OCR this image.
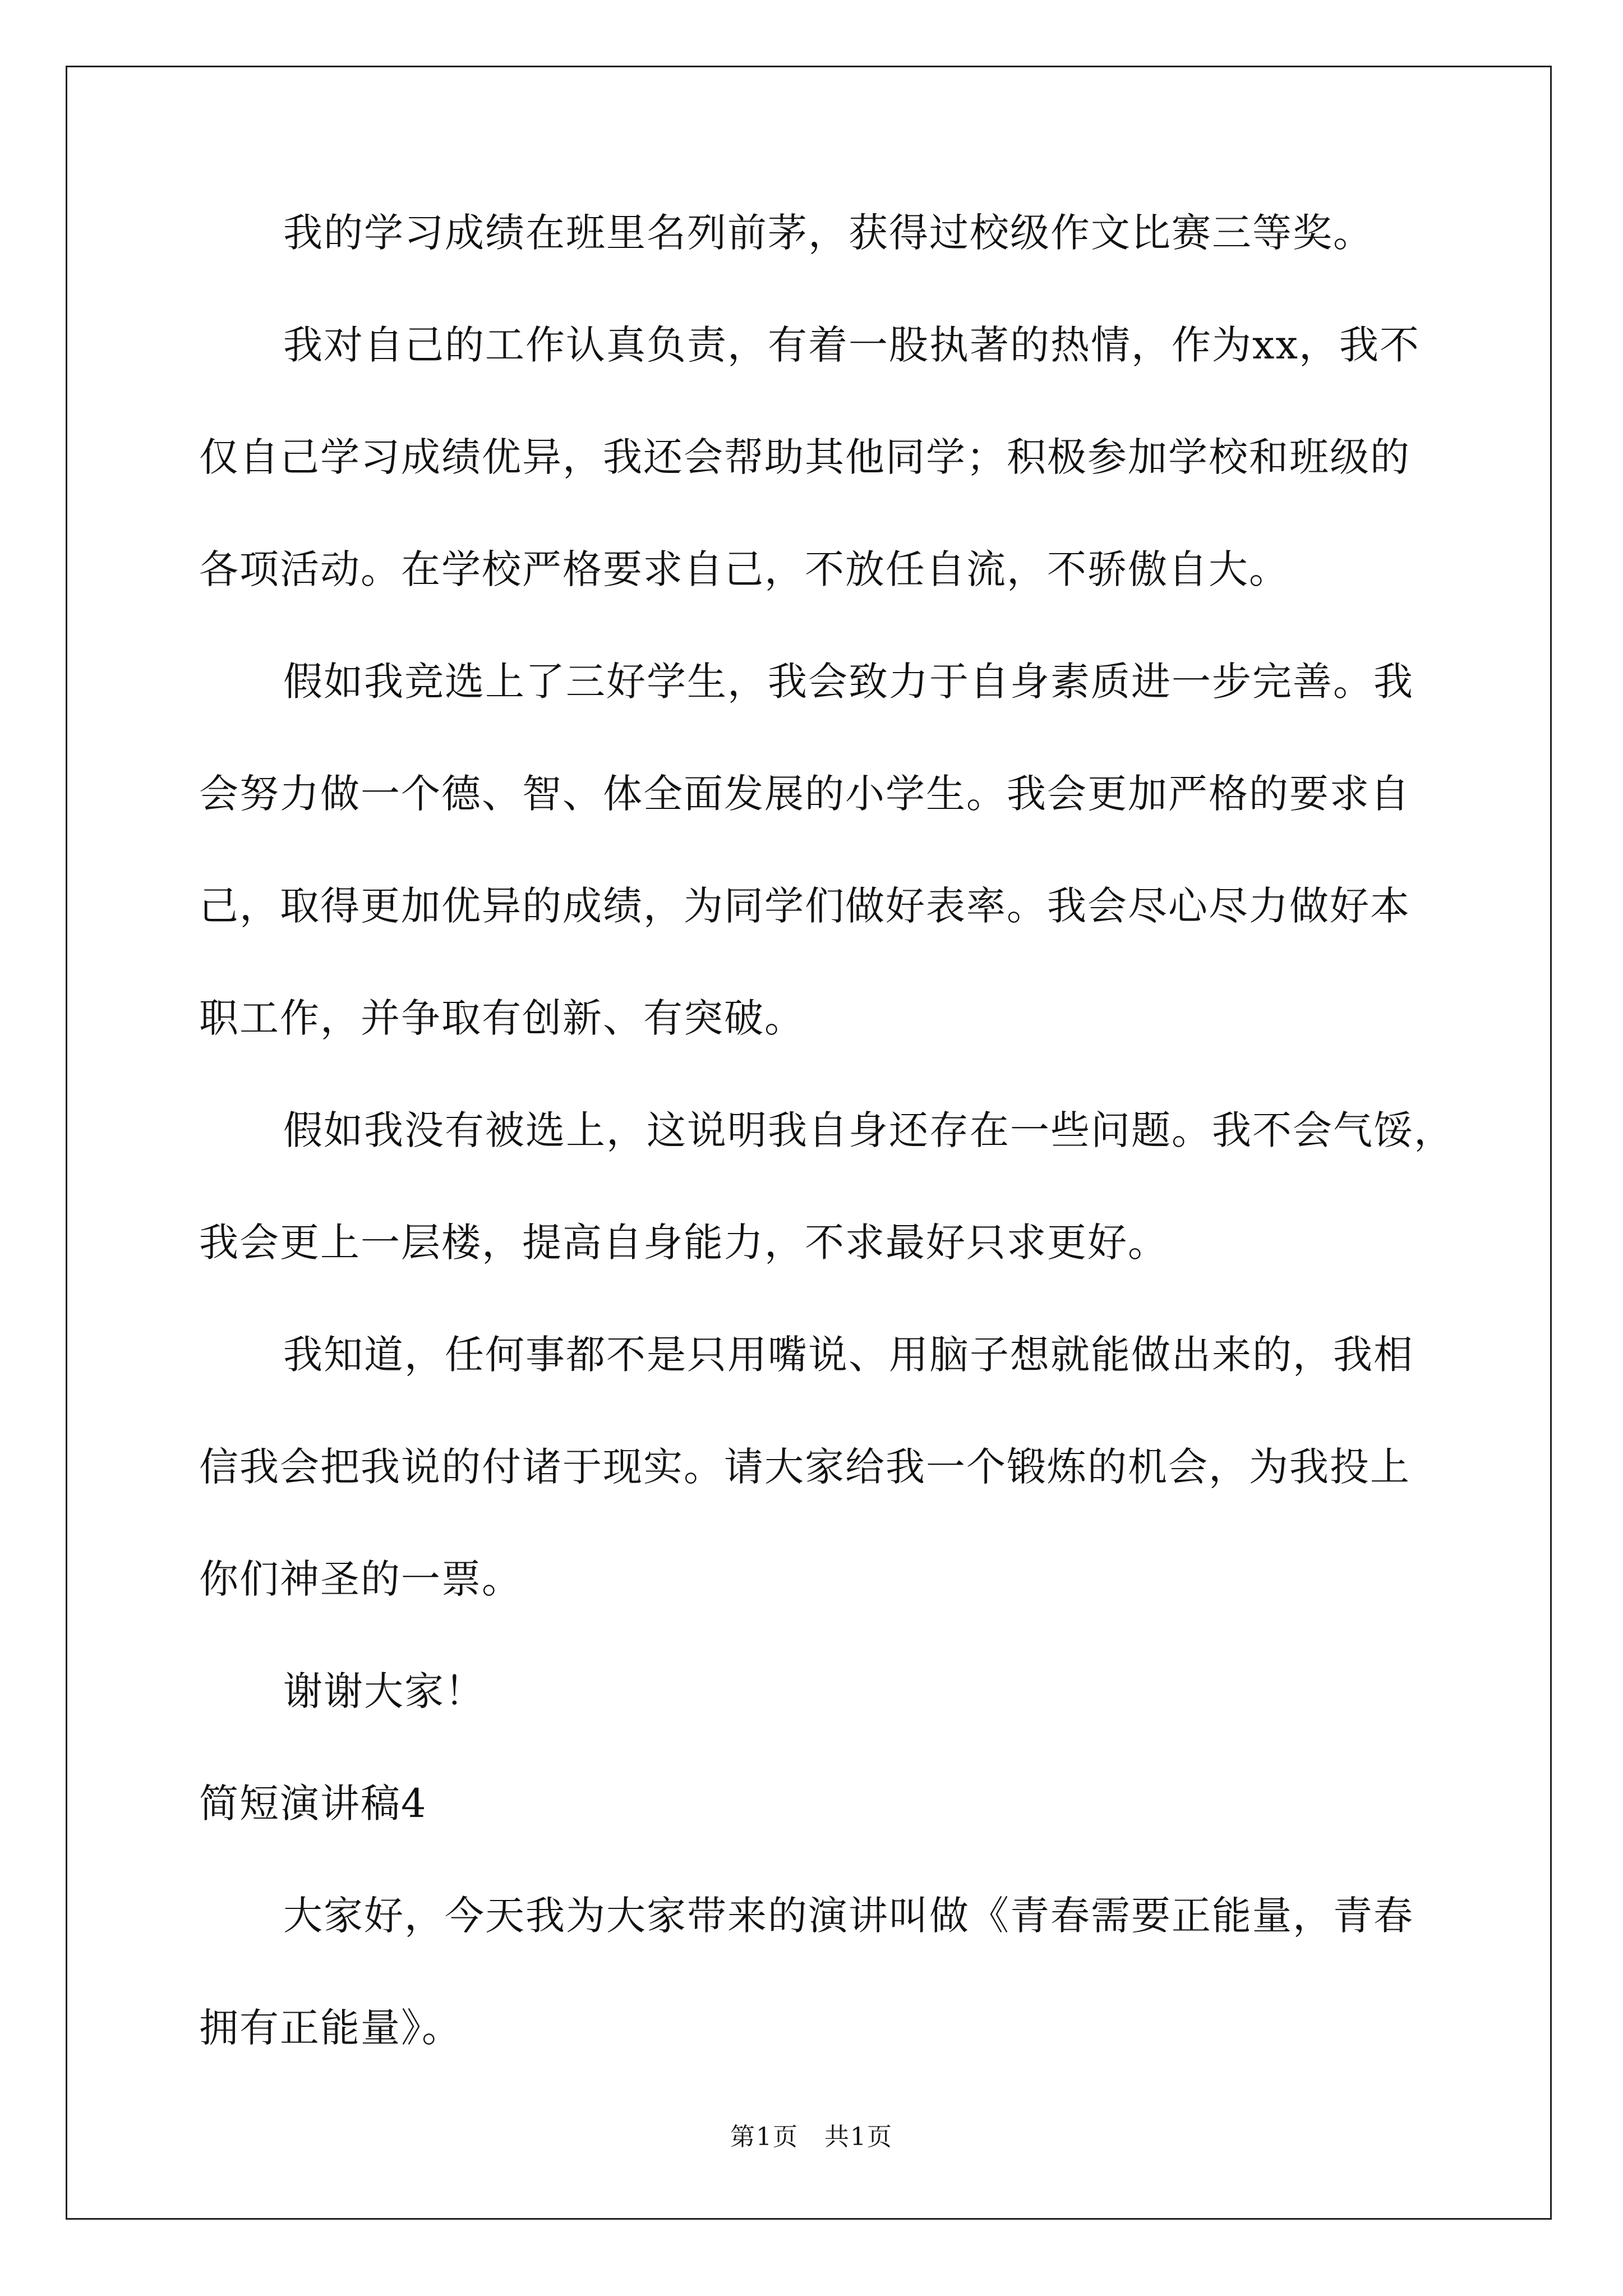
我的学习成绩在班里名列前茅，获得过校级作文比赛三等奖。
我对自己的工作认真负责，有着一股执著的热情，作为xx，我不
仅自己学习成绩优异，我还会帮助其他同学；积极参加学校和班级的
各项活动。在学校严格要求自己，不放任自流，不骄傲自大。
假如我竞选上了三好学生，我会致力于自身素质进一步完善。我
会努力做一个德、智、体全面发展的小学生。我会更加严格的要求自
己，取得更加优异的成绩，为同学们做好表率。我会尽心尽力做好本
职工作，并争取有创新、有突破。
假如我没有被选上，这说明我自身还存在一些问题。我不会气馁，
我会更上一层楼，提高自身能力，不求最好只求更好。
我知道，任何事都不是只用嘴说、用脑子想就能做出来的，我相
信我会把我说的付诸于现实。请大家给我一个锻炼的机会，为我投上
你们神圣的一票。
谢谢大家！
简短演讲稿4
大家好，今天我为大家带来的演讲叫做《青春需要正能量，青春
拥有正能量》。
第1页　共1页
